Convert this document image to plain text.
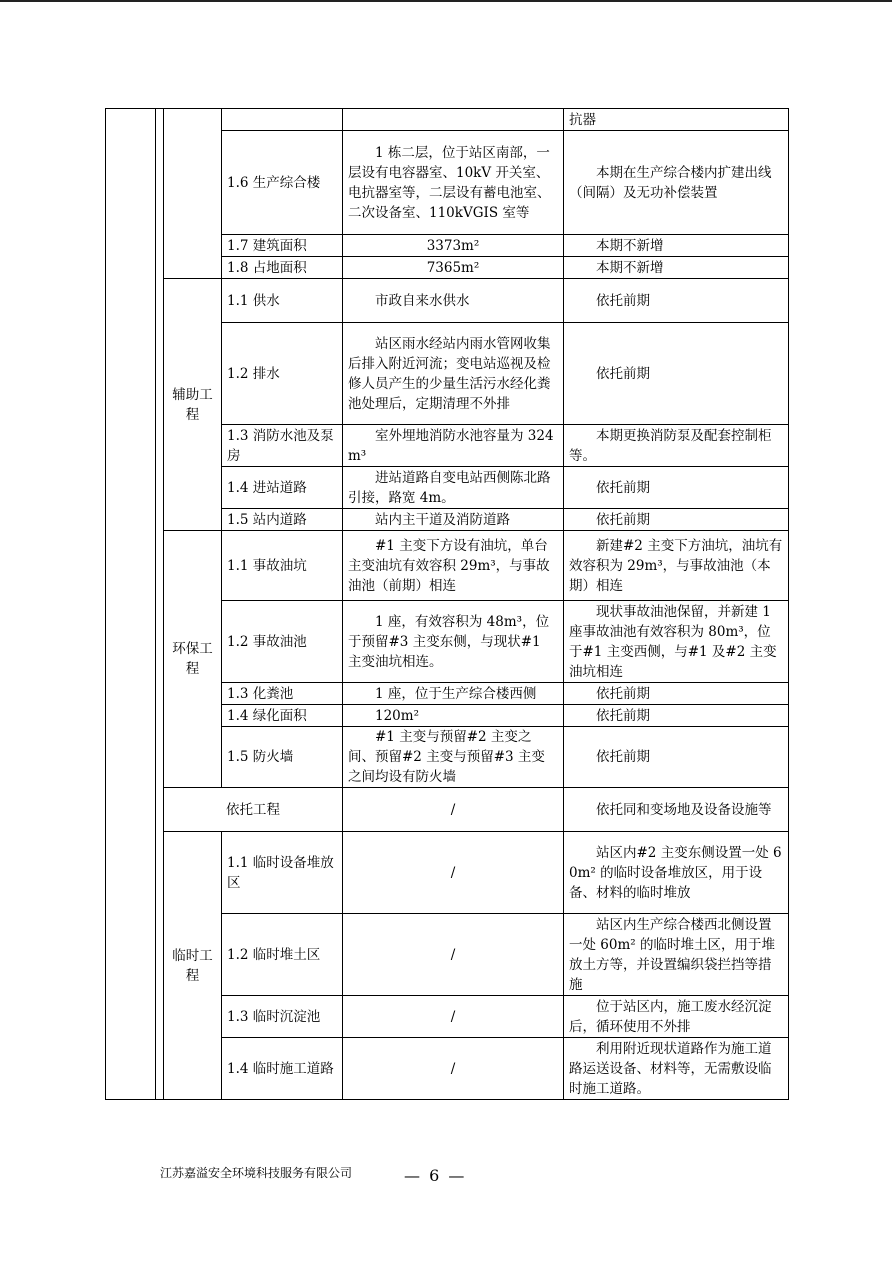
					抗器
			1.6 生产综合楼	1 栋二层，位于站区南部，一层设有电容器室、10kV 开关室、电抗器室等，二层设有蓄电池室、二次设备室、110kVGIS 室等	本期在生产综合楼内扩建出线（间隔）及无功补偿装置
			1.7 建筑面积	3373m²	本期不新增
			1.8 占地面积	7365m²	本期不新增
		辅助工程	1.1 供水	市政自来水供水	依托前期
			1.2 排水	站区雨水经站内雨水管网收集后排入附近河流；变电站巡视及检修人员产生的少量生活污水经化粪池处理后，定期清理不外排	依托前期
			1.3 消防水池及泵房	室外埋地消防水池容量为 324m³	本期更换消防泵及配套控制柜等。
			1.4 进站道路	进站道路自变电站西侧陈北路引接，路宽 4m。	依托前期
			1.5 站内道路	站内主干道及消防道路	依托前期
		环保工程	1.1 事故油坑	#1 主变下方设有油坑，单台主变油坑有效容积 29m³，与事故油池（前期）相连	新建#2 主变下方油坑，油坑有效容积为 29m³，与事故油池（本期）相连
			1.2 事故油池	1 座，有效容积为 48m³，位于预留#3 主变东侧，与现状#1 主变油坑相连。	现状事故油池保留，并新建 1 座事故油池有效容积为 80m³，位于#1 主变西侧，与#1 及#2 主变油坑相连
			1.3 化粪池	1 座，位于生产综合楼西侧	依托前期
			1.4 绿化面积	120m²	依托前期
			1.5 防火墙	#1 主变与预留#2 主变之间、预留#2 主变与预留#3 主变之间均设有防火墙	依托前期
		依托工程		/	依托同和变场地及设备设施等
		临时工程	1.1 临时设备堆放区	/	站区内#2 主变东侧设置一处 60m² 的临时设备堆放区，用于设备、材料的临时堆放
			1.2 临时堆土区	/	站区内生产综合楼西北侧设置一处 60m² 的临时堆土区，用于堆放土方等，并设置编织袋拦挡等措施
			1.3 临时沉淀池	/	位于站区内，施工废水经沉淀后，循环使用不外排
			1.4 临时施工道路	/	利用附近现状道路作为施工道路运送设备、材料等，无需敷设临时施工道路。
江苏嘉溢安全环境科技服务有限公司	— 6 —
